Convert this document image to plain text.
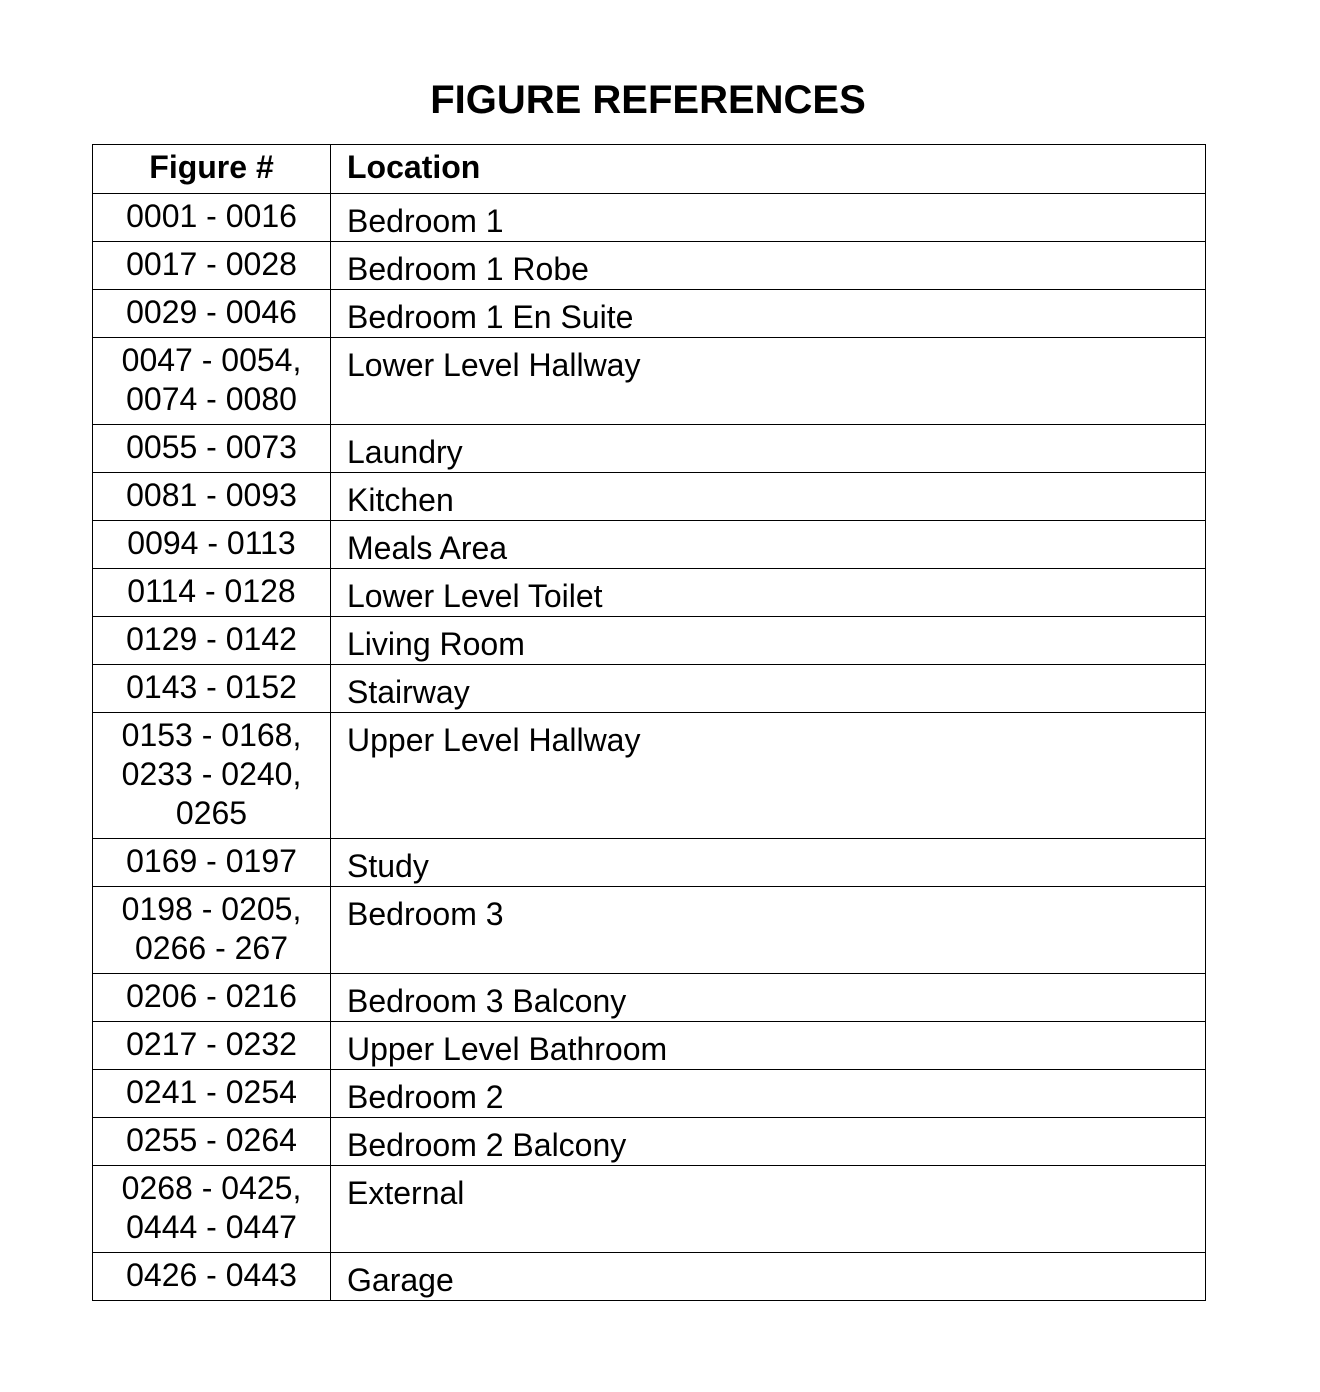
FIGURE REFERENCES
Figure #	Location
0001 - 0016	Bedroom 1
0017 - 0028	Bedroom 1 Robe
0029 - 0046	Bedroom 1 En Suite
0047 - 0054,
0074 - 0080	Lower Level Hallway
0055 - 0073	Laundry
0081 - 0093	Kitchen
0094 - 0113	Meals Area
0114 - 0128	Lower Level Toilet
0129 - 0142	Living Room
0143 - 0152	Stairway
0153 - 0168,
0233 - 0240,
0265	Upper Level Hallway
0169 - 0197	Study
0198 - 0205,
0266 - 267	Bedroom 3
0206 - 0216	Bedroom 3 Balcony
0217 - 0232	Upper Level Bathroom
0241 - 0254	Bedroom 2
0255 - 0264	Bedroom 2 Balcony
0268 - 0425,
0444 - 0447	External
0426 - 0443	Garage
